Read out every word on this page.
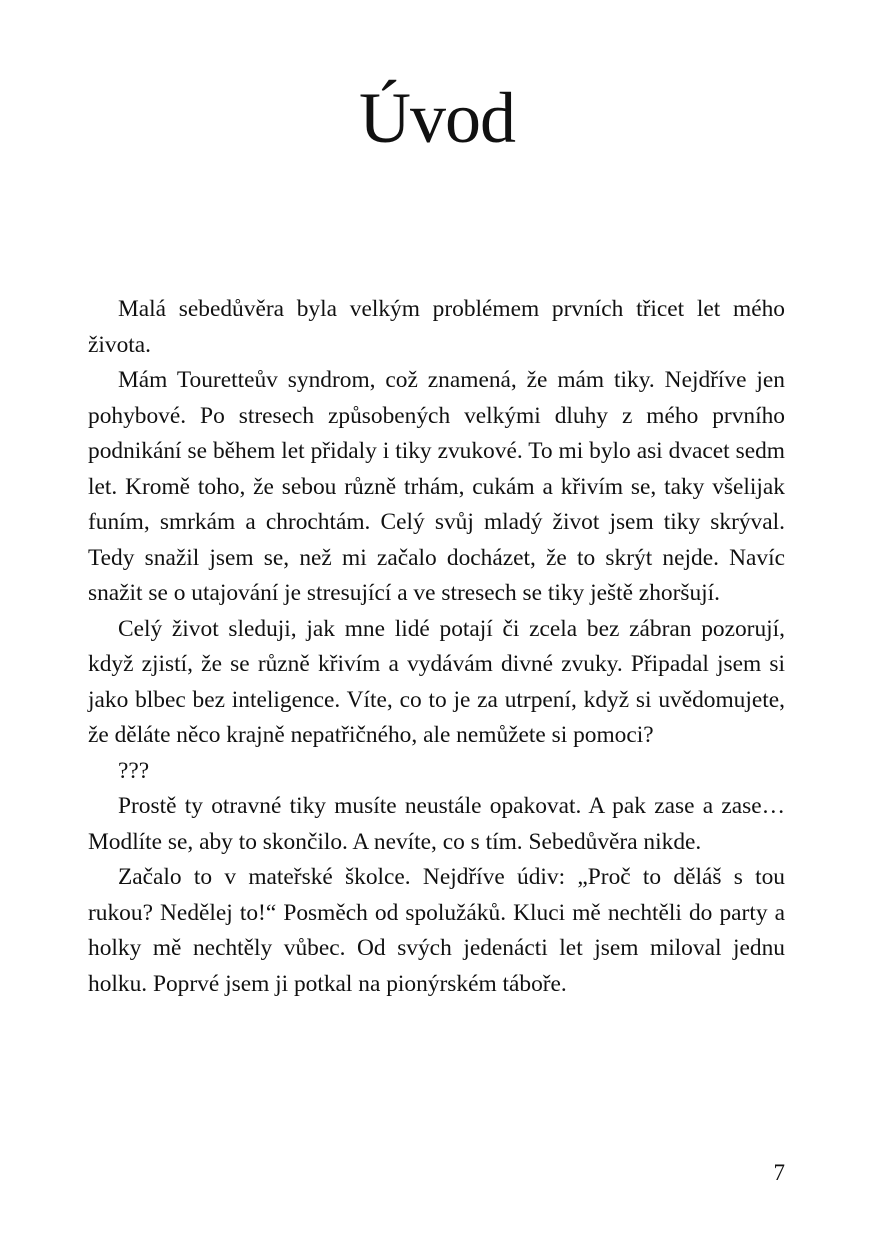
Úvod

Malá sebedůvěra byla velkým problémem prvních třicet let mého života.

Mám Touretteův syndrom, což znamená, že mám tiky. Nejdříve jen pohybové. Po stresech způsobených velkými dluhy z mého prvního podnikání se během let přidaly i tiky zvukové. To mi bylo asi dvacet sedm let. Kromě toho, že sebou různě trhám, cukám a křivím se, taky všelijak funím, smrkám a chrochtám. Celý svůj mladý život jsem tiky skrýval. Tedy snažil jsem se, než mi začalo docházet, že to skrýt nejde. Navíc snažit se o utajování je stresující a ve stresech se tiky ještě zhoršují.

Celý život sleduji, jak mne lidé potají či zcela bez zábran pozorují, když zjistí, že se různě křivím a vydávám divné zvuky. Připadal jsem si jako blbec bez inteligence. Víte, co to je za utrpení, když si uvědomujete, že děláte něco krajně nepatřičného, ale nemůžete si pomoci?

???

Prostě ty otravné tiky musíte neustále opakovat. A pak zase a zase… Modlíte se, aby to skončilo. A nevíte, co s tím. Sebedůvěra nikde.

Začalo to v mateřské školce. Nejdříve údiv: „Proč to děláš s tou rukou? Nedělej to!“ Posměch od spolužáků. Kluci mě nechtěli do party a holky mě nechtěly vůbec. Od svých jedenácti let jsem miloval jednu holku. Poprvé jsem ji potkal na pionýrském táboře.

7
